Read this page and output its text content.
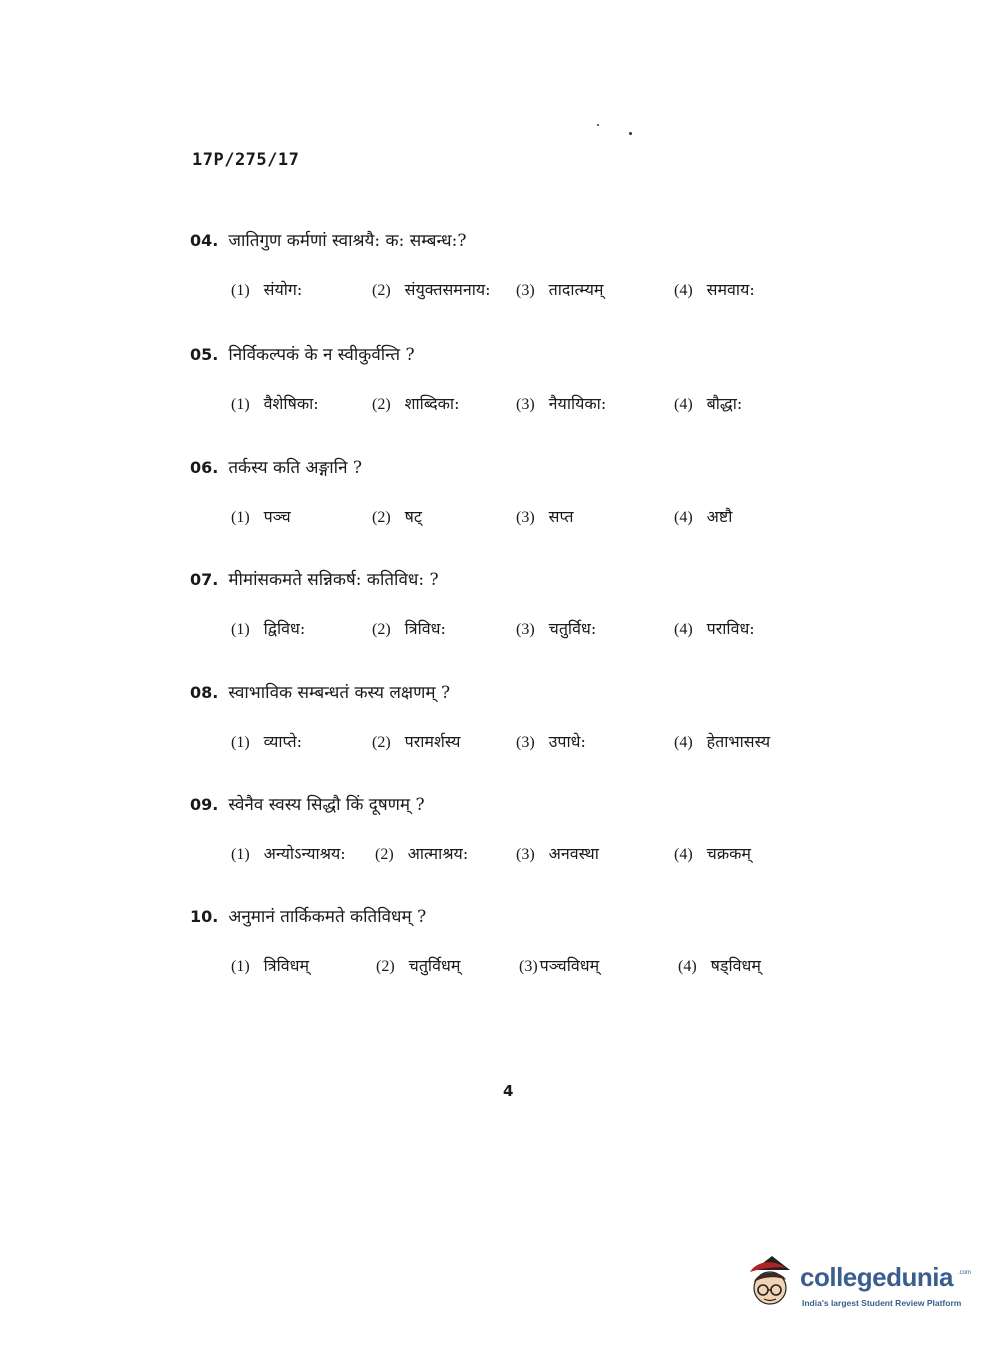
17P/275/17
04. जातिगुण कर्मणां स्वाश्रयै: क: सम्बन्ध:?
(1) संयोग:	(2) संयुक्तसमनाय: (3) तादात्म्यम्	(4) समवाय:
05. निर्विकल्पकं के न स्वीकुर्वन्ति ?
(1) वैशेषिका:	(2) शाब्दिका:	(3) नैयायिका:	(4) बौद्धा:
06. तर्कस्य कति अङ्गानि ?
(1) पञ्च	(2) षट्	(3) सप्त	(4) अष्टौ
07. मीमांसकमते सन्निकर्ष: कतिविध: ?
(1) द्विविध:	(2) त्रिविध:	(3) चतुर्विध:	(4) पराविध:
08. स्वाभाविक सम्बन्धतं कस्य लक्षणम् ?
(1) व्याप्ते:	(2) परामर्शस्य	(3) उपाधे:	(4) हेताभासस्य
09. स्वेनैव स्वस्य सिद्धौ किं दूषणम् ?
(1) अन्योऽन्याश्रय: (2) आत्माश्रय:	(3) अनवस्था	(4) चक्रकम्
10. अनुमानं तार्किकमते कतिविधम् ?
(1) त्रिविधम्	(2) चतुर्विधम्	(3) पञ्चविधम्	(4) षड्विधम्
4
collegedunia .com
India's largest Student Review Platform
